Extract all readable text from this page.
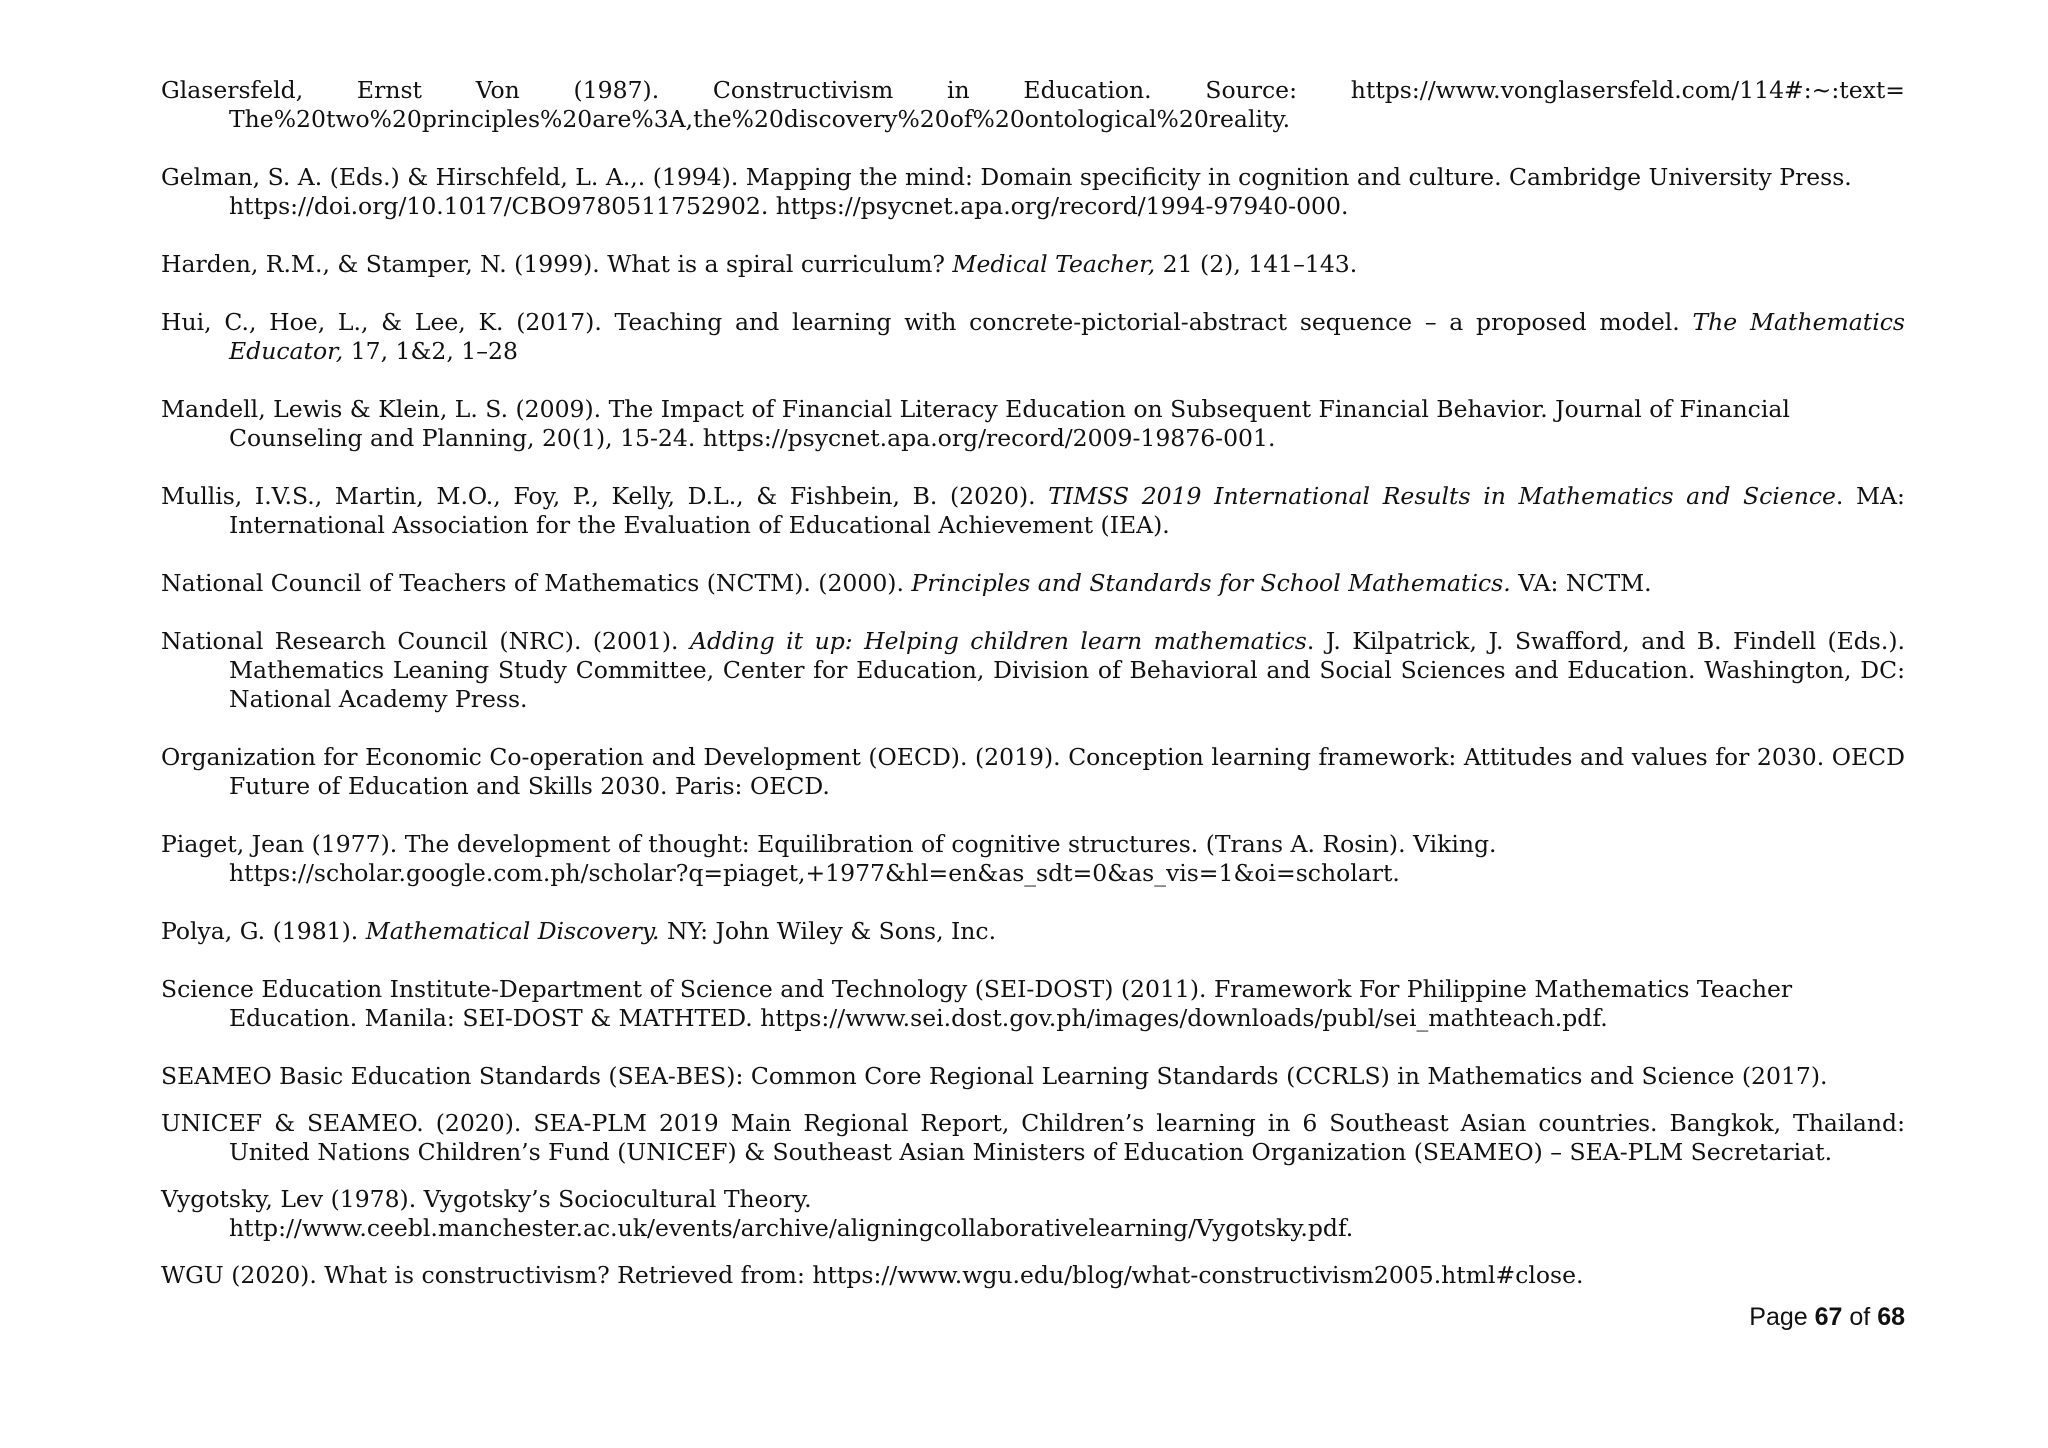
Glasersfeld, Ernst Von (1987). Constructivism in Education. Source: https://www.vonglasersfeld.com/114#:~:text= The%20two%20principles%20are%3A,the%20discovery%20of%20ontological%20reality.

Gelman, S. A. (Eds.) & Hirschfeld, L. A.,. (1994). Mapping the mind: Domain specificity in cognition and culture. Cambridge University Press. https://doi.org/10.1017/CBO9780511752902. https://psycnet.apa.org/record/1994-97940-000.

Harden, R.M., & Stamper, N. (1999). What is a spiral curriculum? Medical Teacher, 21 (2), 141–143.

Hui, C., Hoe, L., & Lee, K. (2017). Teaching and learning with concrete-pictorial-abstract sequence – a proposed model. The Mathematics Educator, 17, 1&2, 1–28

Mandell, Lewis & Klein, L. S. (2009). The Impact of Financial Literacy Education on Subsequent Financial Behavior. Journal of Financial Counseling and Planning, 20(1), 15-24. https://psycnet.apa.org/record/2009-19876-001.

Mullis, I.V.S., Martin, M.O., Foy, P., Kelly, D.L., & Fishbein, B. (2020). TIMSS 2019 International Results in Mathematics and Science. MA: International Association for the Evaluation of Educational Achievement (IEA).

National Council of Teachers of Mathematics (NCTM). (2000). Principles and Standards for School Mathematics. VA: NCTM.

National Research Council (NRC). (2001). Adding it up: Helping children learn mathematics. J. Kilpatrick, J. Swafford, and B. Findell (Eds.). Mathematics Leaning Study Committee, Center for Education, Division of Behavioral and Social Sciences and Education. Washington, DC: National Academy Press.

Organization for Economic Co-operation and Development (OECD). (2019). Conception learning framework: Attitudes and values for 2030. OECD Future of Education and Skills 2030. Paris: OECD.

Piaget, Jean (1977). The development of thought: Equilibration of cognitive structures. (Trans A. Rosin). Viking. https://scholar.google.com.ph/scholar?q=piaget,+1977&hl=en&as_sdt=0&as_vis=1&oi=scholart.

Polya, G. (1981). Mathematical Discovery. NY: John Wiley & Sons, Inc.

Science Education Institute-Department of Science and Technology (SEI-DOST) (2011). Framework For Philippine Mathematics Teacher Education. Manila: SEI-DOST & MATHTED. https://www.sei.dost.gov.ph/images/downloads/publ/sei_mathteach.pdf.

SEAMEO Basic Education Standards (SEA-BES): Common Core Regional Learning Standards (CCRLS) in Mathematics and Science (2017).

UNICEF & SEAMEO. (2020). SEA-PLM 2019 Main Regional Report, Children’s learning in 6 Southeast Asian countries. Bangkok, Thailand: United Nations Children’s Fund (UNICEF) & Southeast Asian Ministers of Education Organization (SEAMEO) – SEA-PLM Secretariat.

Vygotsky, Lev (1978). Vygotsky’s Sociocultural Theory. http://www.ceebl.manchester.ac.uk/events/archive/aligningcollaborativelearning/Vygotsky.pdf.

WGU (2020). What is constructivism? Retrieved from: https://www.wgu.edu/blog/what-constructivism2005.html#close.

Page 67 of 68
